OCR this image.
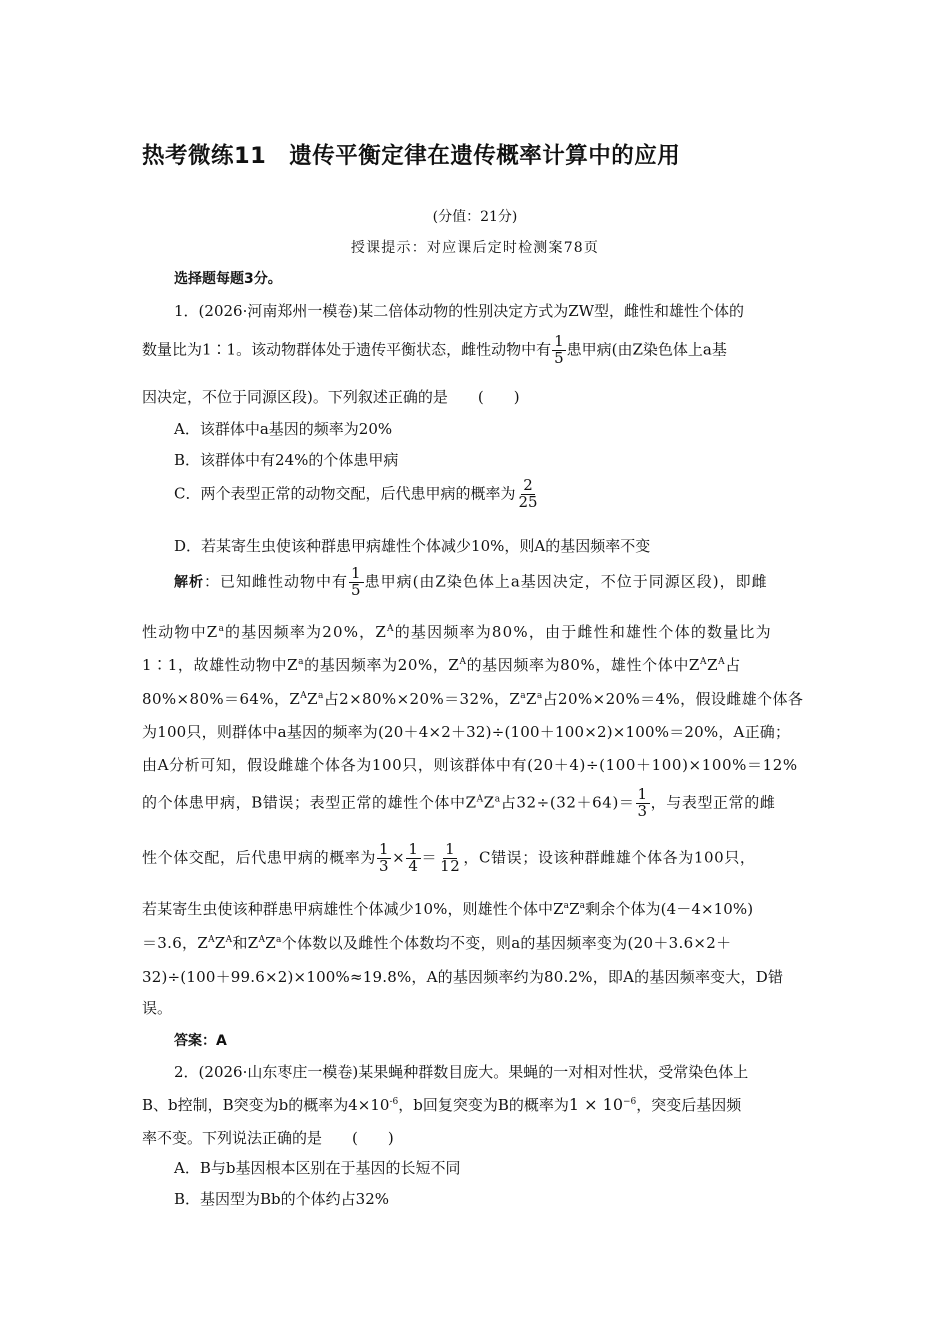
热考微练11　遗传平衡定律在遗传概率计算中的应用
(分值：21分)
授课提示：对应课后定时检测案78页
选择题每题3分。
1．(2026·河南郑州一模卷)某二倍体动物的性别决定方式为ZW型，雌性和雄性个体的
数量比为1∶1。该动物群体处于遗传平衡状态，雌性动物中有 $\frac{1}{5}$ 患甲病(由Z染色体上a基
因决定，不位于同源区段)。下列叙述正确的是　　(　　)
A．该群体中a基因的频率为20%
B．该群体中有24%的个体患甲病
C．两个表型正常的动物交配，后代患甲病的概率为 $\frac{2}{25}$
D．若某寄生虫使该种群患甲病雄性个体减少10%，则A的基因频率不变
解析：已知雌性动物中有 $\frac{1}{5}$ 患甲病(由Z染色体上a基因决定，不位于同源区段)，即雌
性动物中$Z^a$的基因频率为20%，$Z^A$的基因频率为80%，由于雌性和雄性个体的数量比为
1∶1，故雄性动物中$Z^a$的基因频率为20%，$Z^A$的基因频率为80%，雄性个体中$Z^AZ^A$占
80%×80%＝64%，$Z^AZ^a$占2×80%×20%＝32%，$Z^aZ^a$占20%×20%＝4%，假设雌雄个体各
为100只，则群体中a基因的频率为(20＋4×2＋32)÷(100＋100×2)×100%＝20%，A正确；
由A分析可知，假设雌雄个体各为100只，则该群体中有(20＋4)÷(100＋100)×100%＝12%
的个体患甲病，B错误；表型正常的雄性个体中$Z^AZ^a$占$32\div(32+64)= \frac{1}{3}$ ，与表型正常的雌
性个体交配，后代患甲病的概率为 $\frac{1}{3} \times \frac{1}{4} = \frac{1}{12}$ ，C错误；设该种群雌雄个体各为100只，
若某寄生虫使该种群患甲病雄性个体减少10%，则雄性个体中$Z^aZ^a$剩余个体为(4－4×10%)
＝3.6，$Z^AZ^A$和$Z^AZ^a$个体数以及雌性个体数均不变，则a的基因频率变为(20＋3.6×2＋
32)÷(100＋99.6×2)×100%≈19.8%，A的基因频率约为80.2%，即A的基因频率变大，D错
误。
答案：A
2．(2026·山东枣庄一模卷)某果蝇种群数目庞大。果蝇的一对相对性状，受常染色体上
B、b控制，B突变为b的概率为$4\times 10^{-6}$，b回复突变为B的概率为$1 \times 10^{-6}$，突变后基因频
率不变。下列说法正确的是　　(　　)
A．B与b基因根本区别在于基因的长短不同
B．基因型为Bb的个体约占32%
